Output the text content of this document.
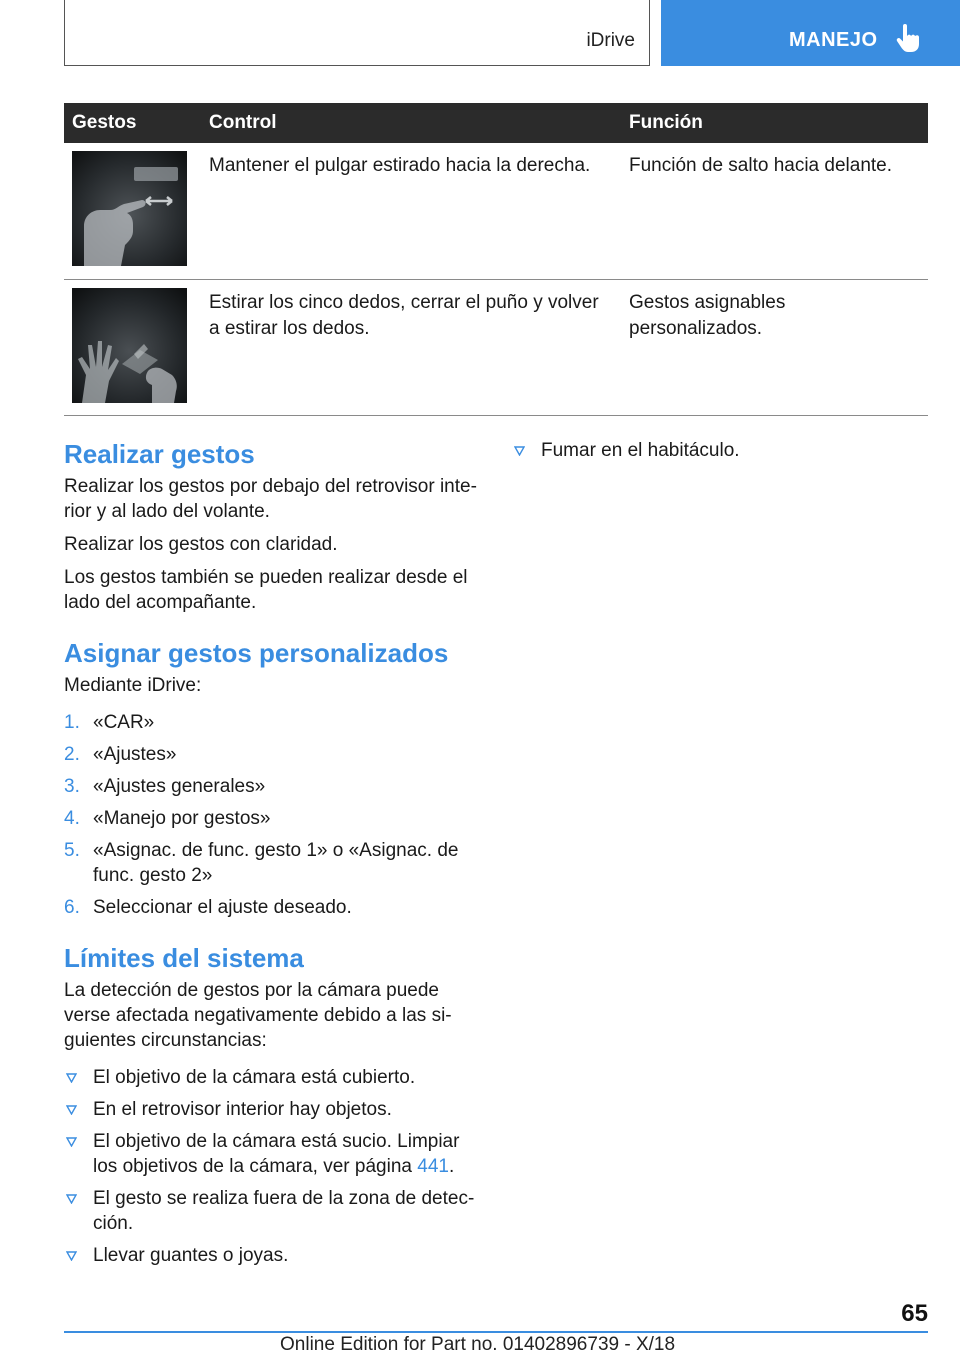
iDrive	MANEJO
Gestos	Control	Función

	Mantener el pulgar estirado hacia la derecha.	Función de salto hacia delante.

	Estirar los cinco dedos, cerrar el puño y volver a estirar los dedos.	Gestos asignables personalizados.
Realizar gestos

Realizar los gestos por debajo del retrovisor inte-rior y al lado del volante.

Realizar los gestos con claridad.

Los gestos también se pueden realizar desde el lado del acompañante.

Asignar gestos personalizados

Mediante iDrive:

1. «CAR»
2. «Ajustes»
3. «Ajustes generales»
4. «Manejo por gestos»
5. «Asignac. de func. gesto 1» o «Asignac. de func. gesto 2»
6. Seleccionar el ajuste deseado.
Límites del sistema

La detección de gestos por la cámara puede verse afectada negativamente debido a las si-guientes circunstancias:

El objetivo de la cámara está cubierto.
En el retrovisor interior hay objetos.
El objetivo de la cámara está sucio. Limpiar los objetivos de la cámara, ver página 441.
El gesto se realiza fuera de la zona de detec-ción.
Llevar guantes o joyas.
Fumar en el habitáculo.
65
Online Edition for Part no. 01402896739 - X/18
